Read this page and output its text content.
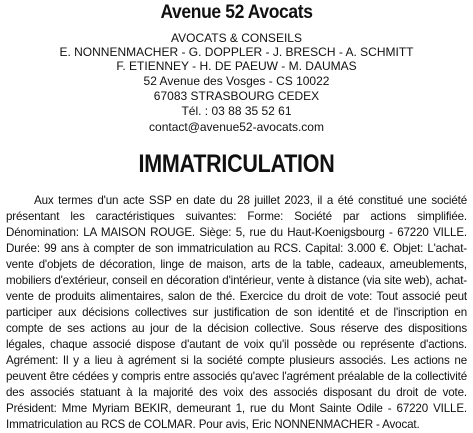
Avenue 52 Avocats
AVOCATS & CONSEILS
E. NONNENMACHER - G. DOPPLER - J. BRESCH - A. SCHMITT
F. ETIENNEY - H. DE PAEUW - M. DAUMAS
52 Avenue des Vosges - CS 10022
67083 STRASBOURG CEDEX
Tél. : 03 88 35 52 61
contact@avenue52-avocats.com
IMMATRICULATION
Aux termes d'un acte SSP en date du 28 juillet 2023, il a été constitué une société présentant les caractéristiques suivantes: Forme: Société par actions simplifiée. Dénomination: LA MAISON ROUGE. Siège: 5, rue du Haut-Koenigsbourg - 67220 VILLE. Durée: 99 ans à compter de son immatriculation au RCS. Capital: 3.000 €. Objet: L'achat-vente d'objets de décoration, linge de maison, arts de la table, cadeaux, ameublements, mobiliers d'extérieur, conseil en décoration d'intérieur, vente à distance (via site web), achat-vente de produits alimentaires, salon de thé. Exercice du droit de vote: Tout associé peut participer aux décisions collectives sur justification de son identité et de l'inscription en compte de ses actions au jour de la décision collective. Sous réserve des dispositions légales, chaque associé dispose d'autant de voix qu'il possède ou représente d'actions. Agrément: Il y a lieu à agrément si la société compte plusieurs associés. Les actions ne peuvent être cédées y compris entre associés qu'avec l'agrément préalable de la collectivité des associés statuant à la majorité des voix des associés disposant du droit de vote. Président: Mme Myriam BEKIR, demeurant 1, rue du Mont Sainte Odile - 67220 VILLE. Immatriculation au RCS de COLMAR. Pour avis, Eric NONNENMACHER - Avocat.
